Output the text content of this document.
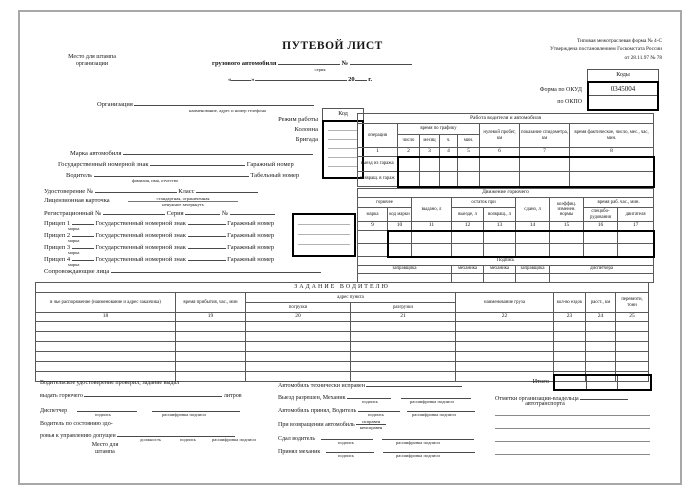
Место для штампа
организации
ПУТЕВОЙ ЛИСТ
грузового автомобиля	№
серия
«	»	20 г.
Типовая межотраслевая форма № 4-С
Утверждена постановлением Госкомстата России
от 28.11.97 № 78
Коды
0345004
Форма по ОКУД
по ОКПО
Организация
наименование, адрес и номер телефона
Режим работы
Колонна
Бригада
Марка автомобиля
Государственный номерной знак	Гаражный номер
Водитель	Табельный номер
фамилия, имя, отчество
Удостоверение №	Класс
Лицензионная карточка	стандартная, ограниченная
ненужное зачеркнуть
Регистрационный №	Серия	№
Прицеп 1	Государственный номерной знак	Гаражный номер
марка
Прицеп 2	Государственный номерной знак	Гаражный номер
марка
Прицеп 3	Государственный номерной знак	Гаражный номер
марка
Прицеп 4	Государственный номерной знак	Гаражный номер
марка
Сопровождающие лица
Код
Работа водителя и автомобиля							
операция	время по графику				нулевой пробег, км	показание спидометра, км	время фактическое, число, мес., час, мин.
	число	месяц	ч.	мин.			
1	2	3	4	5	6	7	8
выезд из гаража							
возвращ. в гараж							
Движение горючего								
горючее		выдано, л	остаток при		сдано, л	коэффиц. изменен. нормы	время раб. час., мин.	
марка	код марки		выезде, л	возвращ., л			спецобо-рудования	двигателя
9	10	11	12	13	14	15	16	17

Подпись								
заправщика			механика	механика	заправщика	диспетчера		

ЗАДАНИЕ ВОДИТЕЛЮ							
в чье распоряжение (наименование и адрес заказчика)	время прибытия, час., мин	адрес пункта		наименование груза	кол-во ездок	расст., км	перевезти, тонн
		погрузки	разгрузки				
18	19	20	21	22	23	24	25

Итого
Водительское удостоверение проверил, задание выдал
выдать горючего	литров
Диспетчер
подпись	расшифровка подписи
Водитель по состоянию здо-
ровья к управлению допущен
должность	подпись	расшифровка подписи
Место для
штампа
Автомобиль технически исправен
Выезд разрешен, Механик
подпись	расшифровка подписи
Автомобиль принял, Водитель
подпись	расшифровка подписи
При возвращении автомобиль
исправен
неисправен
Сдал водитель
подпись	расшифровка подписи
Принял механик
подпись	расшифровка подписи
Отметки организации-владельца
автотранспорта
